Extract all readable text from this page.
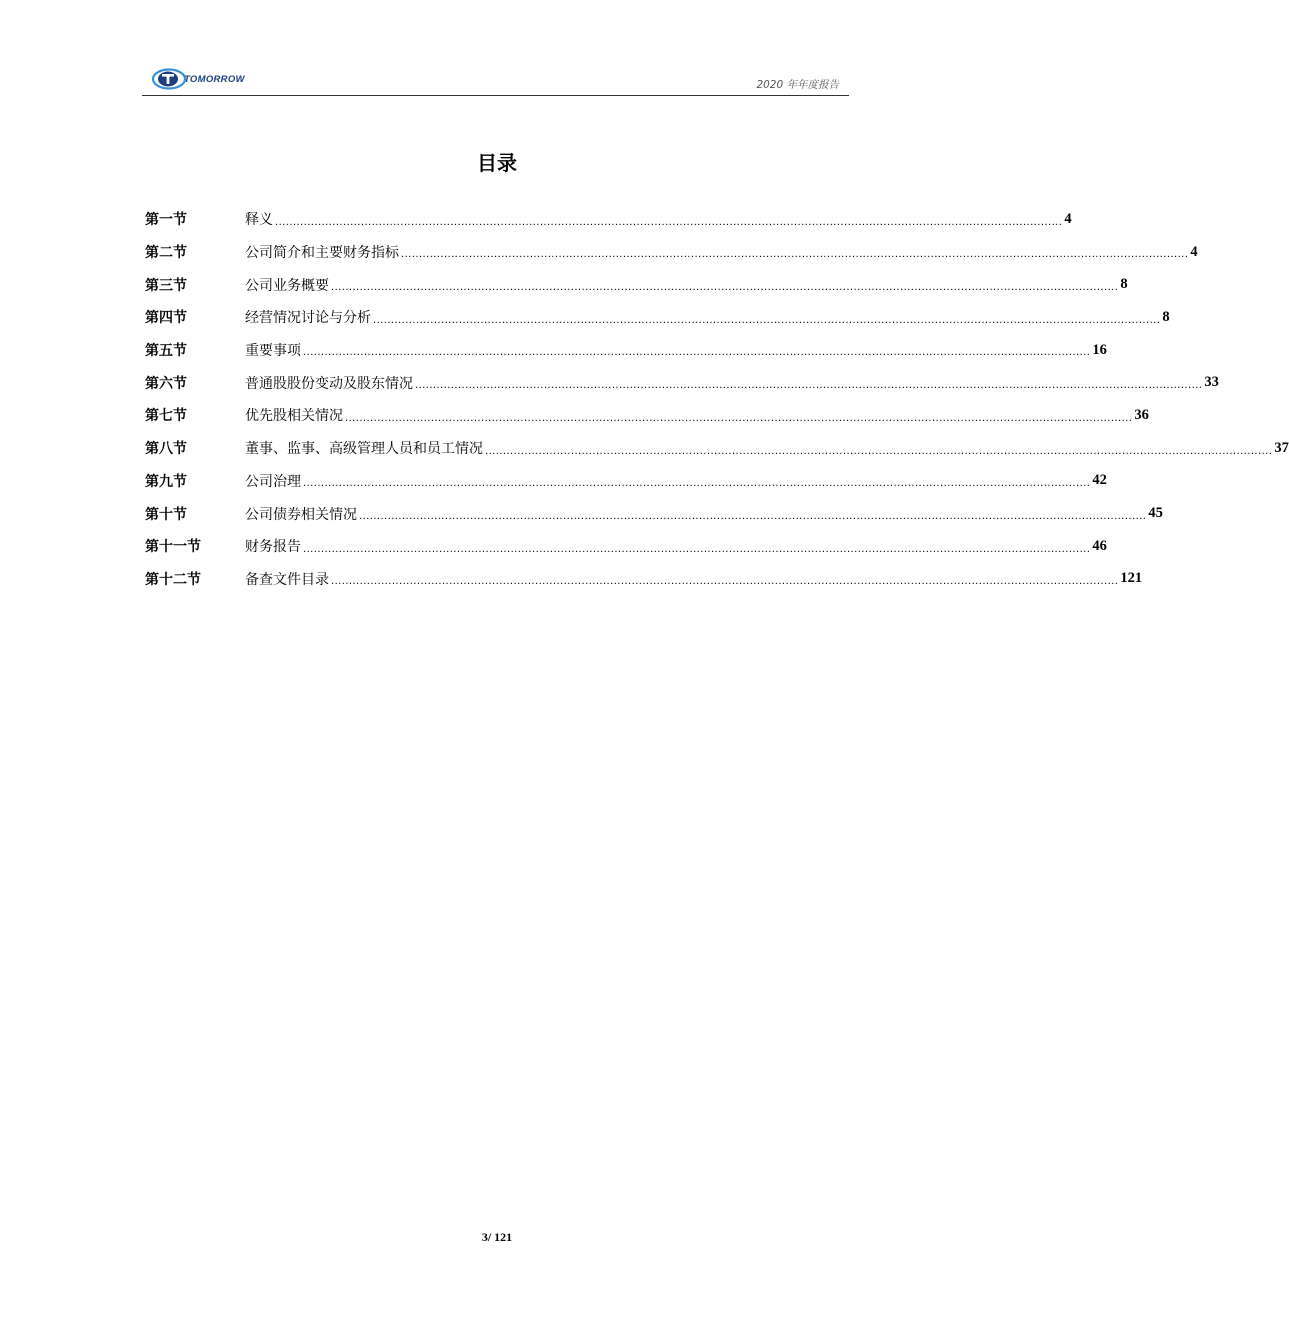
TOMORROW	2020 年年度报告
目录
第一节	释义 ............................................................................................................................................................................................................................ 4
第二节	公司简介和主要财务指标 ............................................................................................................................................................................................................................ 4
第三节	公司业务概要 ............................................................................................................................................................................................................................ 8
第四节	经营情况讨论与分析 ............................................................................................................................................................................................................................ 8
第五节	重要事项 ............................................................................................................................................................................................................................ 16
第六节	普通股股份变动及股东情况 ............................................................................................................................................................................................................................ 33
第七节	优先股相关情况 ............................................................................................................................................................................................................................ 36
第八节	董事、监事、高级管理人员和员工情况 ............................................................................................................................................................................................................................ 37
第九节	公司治理 ............................................................................................................................................................................................................................ 42
第十节	公司债券相关情况 ............................................................................................................................................................................................................................ 45
第十一节	财务报告 ............................................................................................................................................................................................................................ 46
第十二节	备查文件目录 ............................................................................................................................................................................................................................ 121
3/ 121
